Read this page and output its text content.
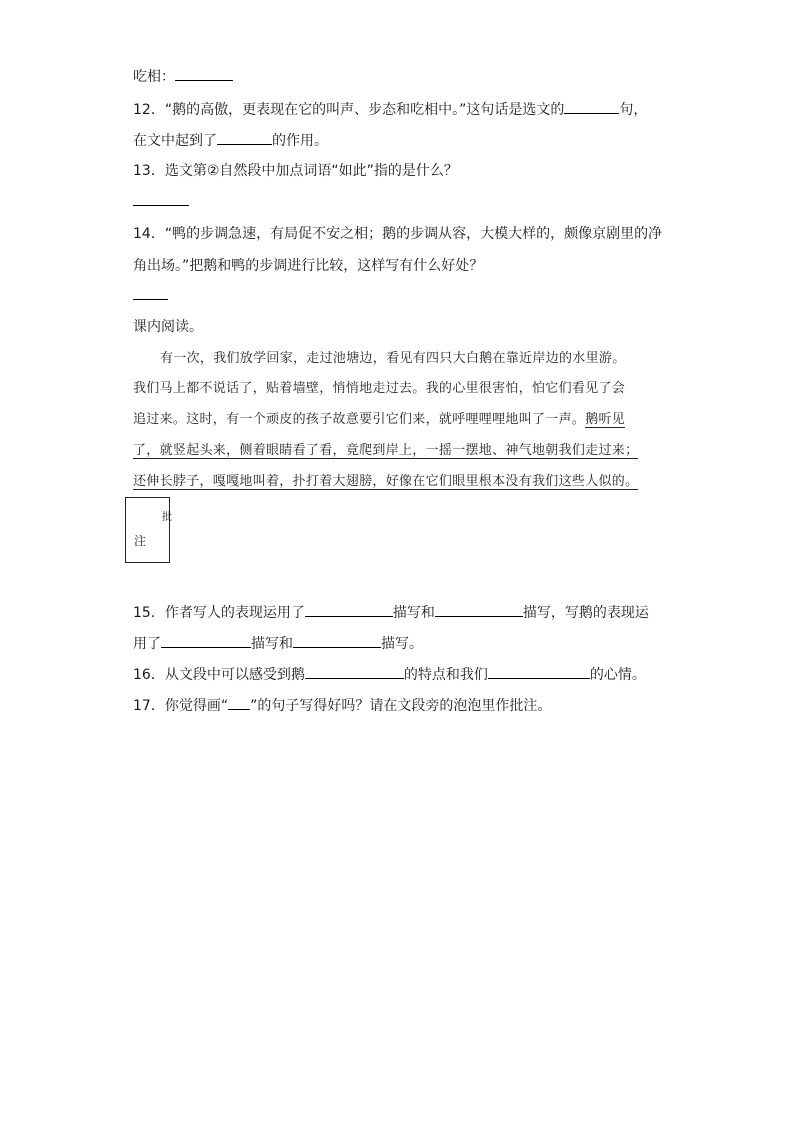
吃相：
12．“鹅的高傲，更表现在它的叫声、步态和吃相中。”这句话是选文的	句，
在文中起到了	的作用。
13．选文第②自然段中加点词语“如此”指的是什么？
14．“鸭的步调急速，有局促不安之相；鹅的步调从容，大模大样的，颇像京剧里的净
角出场。”把鹅和鸭的步调进行比较，这样写有什么好处？
课内阅读。
有一次，我们放学回家，走过池塘边，看见有四只大白鹅在靠近岸边的水里游。
我们马上都不说话了，贴着墙壁，悄悄地走过去。我的心里很害怕，怕它们看见了会
追过来。这时，有一个顽皮的孩子故意要引它们来，就呼哩哩哩地叫了一声。鹅听见
了，就竖起头来，侧着眼睛看了看，竟爬到岸上，一摇一摆地、神气地朝我们走过来；
还伸长脖子，嘎嘎地叫着，扑打着大翅膀，好像在它们眼里根本没有我们这些人似的。
批
注
15．作者写人的表现运用了	描写和	描写，写鹅的表现运
用了	描写和	描写。
16．从文段中可以感受到鹅	的特点和我们	的心情。
17．你觉得画“ ”的句子写得好吗？请在文段旁的泡泡里作批注。
